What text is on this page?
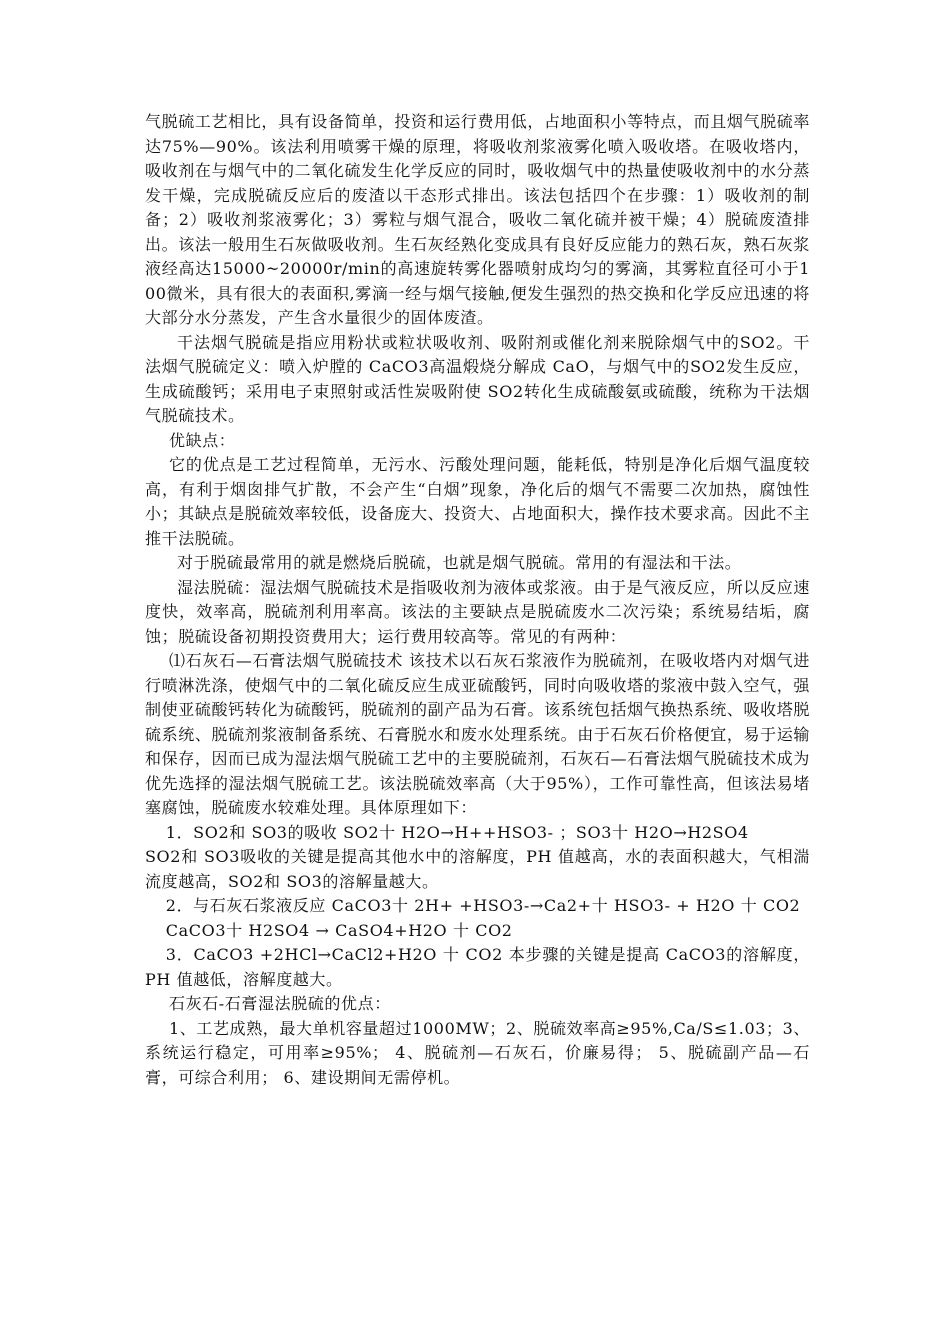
气脱硫工艺相比，具有设备简单，投资和运行费用低，占地面积小等特点，而且烟气脱硫率达75%—90%。该法利用喷雾干燥的原理，将吸收剂浆液雾化喷入吸收塔。在吸收塔内，吸收剂在与烟气中的二氧化硫发生化学反应的同时，吸收烟气中的热量使吸收剂中的水分蒸发干燥，完成脱硫反应后的废渣以干态形式排出。该法包括四个在步骤：1）吸收剂的制备；2）吸收剂浆液雾化；3）雾粒与烟气混合，吸收二氧化硫并被干燥；4）脱硫废渣排出。该法一般用生石灰做吸收剂。生石灰经熟化变成具有良好反应能力的熟石灰，熟石灰浆液经高达15000~20000r/min的高速旋转雾化器喷射成均匀的雾滴，其雾粒直径可小于100微米，具有很大的表面积,雾滴一经与烟气接触,便发生强烈的热交换和化学反应迅速的将大部分水分蒸发，产生含水量很少的固体废渣。

干法烟气脱硫是指应用粉状或粒状吸收剂、吸附剂或催化剂来脱除烟气中的SO2。干法烟气脱硫定义：喷入炉膛的 CaCO3高温煅烧分解成 CaO，与烟气中的SO2发生反应，生成硫酸钙；采用电子束照射或活性炭吸附使 SO2转化生成硫酸氨或硫酸，统称为干法烟气脱硫技术。

优缺点：

它的优点是工艺过程简单，无污水、污酸处理问题，能耗低，特别是净化后烟气温度较高，有利于烟囱排气扩散，不会产生“白烟”现象，净化后的烟气不需要二次加热，腐蚀性小；其缺点是脱硫效率较低，设备庞大、投资大、占地面积大，操作技术要求高。因此不主推干法脱硫。

对于脱硫最常用的就是燃烧后脱硫，也就是烟气脱硫。常用的有湿法和干法。

湿法脱硫：湿法烟气脱硫技术是指吸收剂为液体或浆液。由于是气液反应，所以反应速度快，效率高，脱硫剂利用率高。该法的主要缺点是脱硫废水二次污染；系统易结垢，腐蚀；脱硫设备初期投资费用大；运行费用较高等。常见的有两种：

⑴石灰石—石膏法烟气脱硫技术 该技术以石灰石浆液作为脱硫剂，在吸收塔内对烟气进行喷淋洗涤，使烟气中的二氧化硫反应生成亚硫酸钙，同时向吸收塔的浆液中鼓入空气，强制使亚硫酸钙转化为硫酸钙，脱硫剂的副产品为石膏。该系统包括烟气换热系统、吸收塔脱硫系统、脱硫剂浆液制备系统、石膏脱水和废水处理系统。由于石灰石价格便宜，易于运输和保存，因而已成为湿法烟气脱硫工艺中的主要脱硫剂，石灰石—石膏法烟气脱硫技术成为优先选择的湿法烟气脱硫工艺。该法脱硫效率高（大于95%），工作可靠性高，但该法易堵塞腐蚀，脱硫废水较难处理。具体原理如下：

1．SO2和 SO3的吸收 SO2十 H2O→H++HSO3- ；SO3十 H2O→H2SO4

SO2和 SO3吸收的关键是提高其他水中的溶解度，PH 值越高，水的表面积越大，气相湍流度越高，SO2和 SO3的溶解量越大。

2．与石灰石浆液反应 CaCO3十 2H+ +HSO3-→Ca2+十 HSO3- + H2O 十 CO2

CaCO3十 H2SO4 → CaSO4+H2O 十 CO2

3．CaCO3 +2HCl→CaCl2+H2O 十 CO2 本步骤的关键是提高 CaCO3的溶解度，PH 值越低，溶解度越大。

石灰石-石膏湿法脱硫的优点：

1、工艺成熟，最大单机容量超过1000MW；2、脱硫效率高≥95%,Ca/S≤1.03；3、系统运行稳定，可用率≥95%； 4、脱硫剂—石灰石，价廉易得； 5、脱硫副产品—石膏，可综合利用； 6、建设期间无需停机。
